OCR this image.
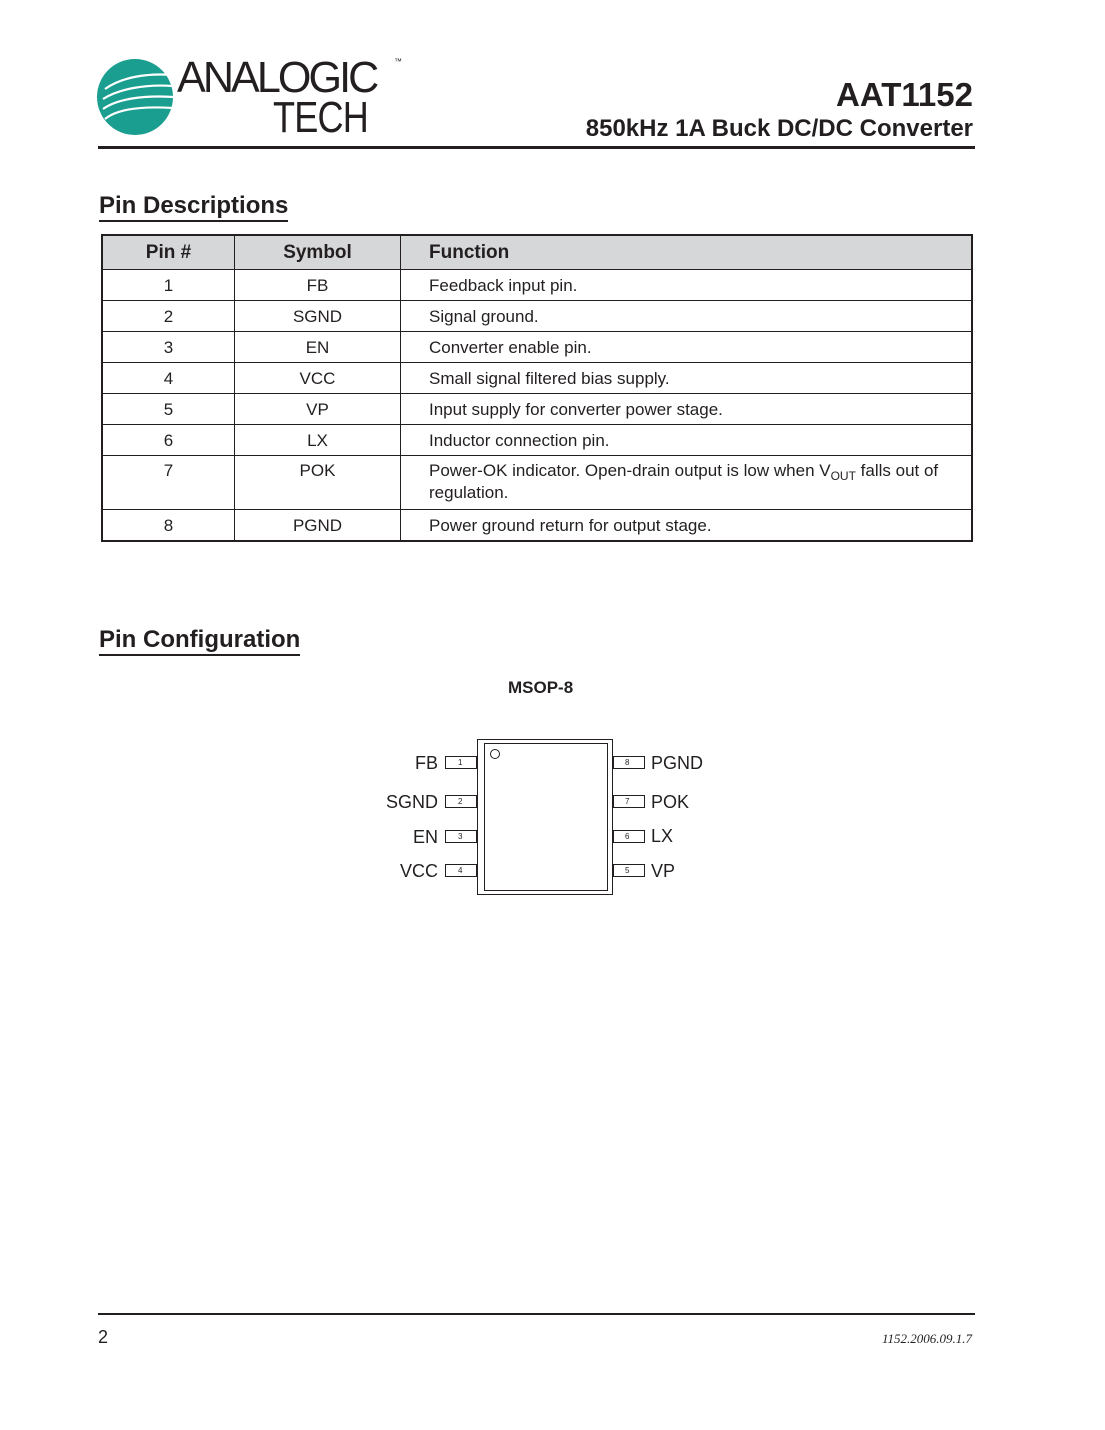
ANALOGIC
TECH
™
AAT1152
850kHz 1A Buck DC/DC Converter
Pin Descriptions
Pin #	Symbol	Function
1	FB	Feedback input pin.
2	SGND	Signal ground.
3	EN	Converter enable pin.
4	VCC	Small signal filtered bias supply.
5	VP	Input supply for converter power stage.
6	LX	Inductor connection pin.
7	POK	Power-OK indicator. Open-drain output is low when $V_{OUT}$ falls out of regulation.
8	PGND	Power ground return for output stage.
Pin Configuration
MSOP-8
FB	1
SGND	2
EN	3
VCC	4
8	PGND
7	POK
6	LX
5	VP
2	1152.2006.09.1.7
